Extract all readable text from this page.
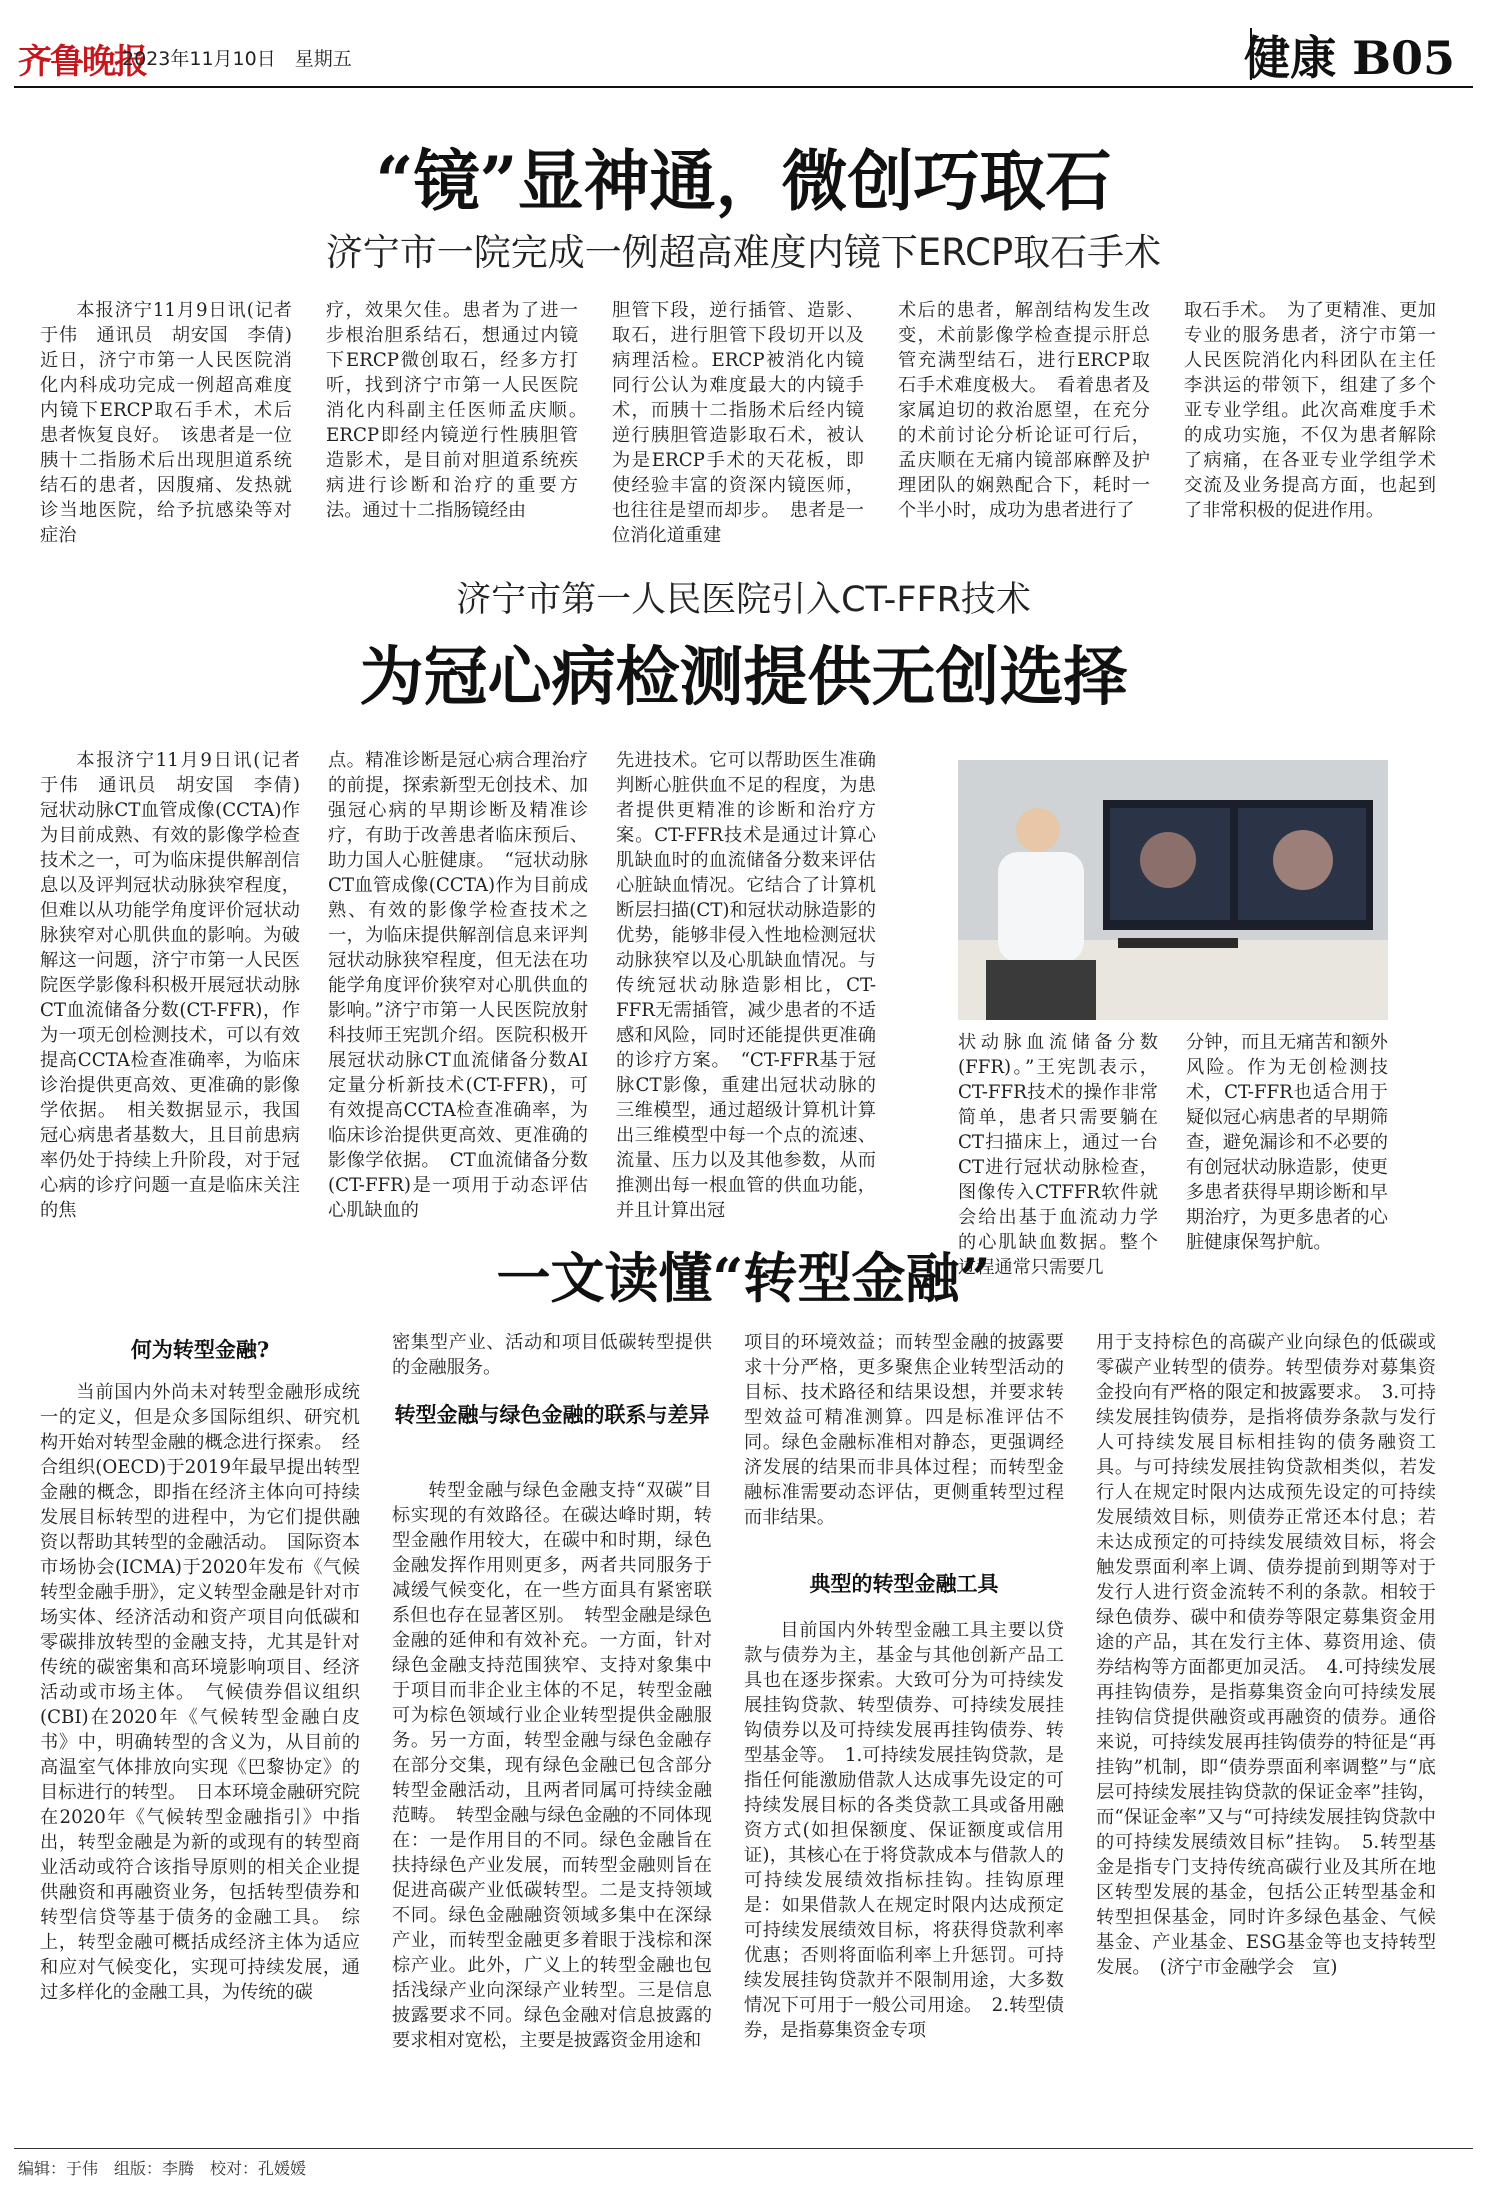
齐鲁晚报
2023年11月10日　星期五	健康 B05
“镜”显神通，微创巧取石
济宁市一院完成一例超高难度内镜下ERCP取石手术
本报济宁11月9日讯(记者　于伟　通讯员　胡安国　李倩)　近日，济宁市第一人民医院消化内科成功完成一例超高难度内镜下ERCP取石手术，术后患者恢复良好。　该患者是一位胰十二指肠术后出现胆道系统结石的患者，因腹痛、发热就诊当地医院，给予抗感染等对症治
疗，效果欠佳。患者为了进一步根治胆系结石，想通过内镜下ERCP微创取石，经多方打听，找到济宁市第一人民医院消化内科副主任医师孟庆顺。　ERCP即经内镜逆行性胰胆管造影术，是目前对胆道系统疾病进行诊断和治疗的重要方法。通过十二指肠镜经由
胆管下段，逆行插管、造影、取石，进行胆管下段切开以及病理活检。ERCP被消化内镜同行公认为难度最大的内镜手术，而胰十二指肠术后经内镜逆行胰胆管造影取石术，被认为是ERCP手术的天花板，即使经验丰富的资深内镜医师，也往往是望而却步。　患者是一位消化道重建
术后的患者，解剖结构发生改变，术前影像学检查提示肝总管充满型结石，进行ERCP取石手术难度极大。　看着患者及家属迫切的救治愿望，在充分的术前讨论分析论证可行后，孟庆顺在无痛内镜部麻醉及护理团队的娴熟配合下，耗时一个半小时，成功为患者进行了
取石手术。　为了更精准、更加专业的服务患者，济宁市第一人民医院消化内科团队在主任李洪运的带领下，组建了多个亚专业学组。此次高难度手术的成功实施，不仅为患者解除了病痛，在各亚专业学组学术交流及业务提高方面，也起到了非常积极的促进作用。
济宁市第一人民医院引入CT-FFR技术
为冠心病检测提供无创选择
本报济宁11月9日讯(记者　于伟　通讯员　胡安国　李倩)　冠状动脉CT血管成像(CCTA)作为目前成熟、有效的影像学检查技术之一，可为临床提供解剖信息以及评判冠状动脉狭窄程度，但难以从功能学角度评价冠状动脉狭窄对心肌供血的影响。为破解这一问题，济宁市第一人民医院医学影像科积极开展冠状动脉CT血流储备分数(CT-FFR)，作为一项无创检测技术，可以有效提高CCTA检查准确率，为临床诊治提供更高效、更准确的影像学依据。　相关数据显示，我国冠心病患者基数大，且目前患病率仍处于持续上升阶段，对于冠心病的诊疗问题一直是临床关注的焦
点。精准诊断是冠心病合理治疗的前提，探索新型无创技术、加强冠心病的早期诊断及精准诊疗，有助于改善患者临床预后、助力国人心脏健康。　“冠状动脉CT血管成像(CCTA)作为目前成熟、有效的影像学检查技术之一，为临床提供解剖信息来评判冠状动脉狭窄程度，但无法在功能学角度评价狭窄对心肌供血的影响。”济宁市第一人民医院放射科技师王宪凯介绍。医院积极开展冠状动脉CT血流储备分数AI定量分析新技术(CT-FFR)，可有效提高CCTA检查准确率，为临床诊治提供更高效、更准确的影像学依据。　CT血流储备分数(CT-FFR)是一项用于动态评估心肌缺血的
先进技术。它可以帮助医生准确判断心脏供血不足的程度，为患者提供更精准的诊断和治疗方案。CT-FFR技术是通过计算心肌缺血时的血流储备分数来评估心脏缺血情况。它结合了计算机断层扫描(CT)和冠状动脉造影的优势，能够非侵入性地检测冠状动脉狭窄以及心肌缺血情况。与传统冠状动脉造影相比，CT-FFR无需插管，减少患者的不适感和风险，同时还能提供更准确的诊疗方案。　“CT-FFR基于冠脉CT影像，重建出冠状动脉的三维模型，通过超级计算机计算出三维模型中每一个点的流速、流量、压力以及其他参数，从而推测出每一根血管的供血功能，并且计算出冠
状动脉血流储备分数(FFR)。”王宪凯表示，CT-FFR技术的操作非常简单，患者只需要躺在CT扫描床上，通过一台CT进行冠状动脉检查，图像传入CTFFR软件就会给出基于血流动力学的心肌缺血数据。整个过程通常只需要几
分钟，而且无痛苦和额外风险。作为无创检测技术，CT-FFR也适合用于疑似冠心病患者的早期筛查，避免漏诊和不必要的有创冠状动脉造影，使更多患者获得早期诊断和早期治疗，为更多患者的心脏健康保驾护航。
一文读懂“转型金融”
何为转型金融?
当前国内外尚未对转型金融形成统一的定义，但是众多国际组织、研究机构开始对转型金融的概念进行探索。　经合组织(OECD)于2019年最早提出转型金融的概念，即指在经济主体向可持续发展目标转型的进程中，为它们提供融资以帮助其转型的金融活动。　国际资本市场协会(ICMA)于2020年发布《气候转型金融手册》，定义转型金融是针对市场实体、经济活动和资产项目向低碳和零碳排放转型的金融支持，尤其是针对传统的碳密集和高环境影响项目、经济活动或市场主体。　气候债券倡议组织(CBI)在2020年《气候转型金融白皮书》中，明确转型的含义为，从目前的高温室气体排放向实现《巴黎协定》的目标进行的转型。　日本环境金融研究院在2020年《气候转型金融指引》中指出，转型金融是为新的或现有的转型商业活动或符合该指导原则的相关企业提供融资和再融资业务，包括转型债券和转型信贷等基于债务的金融工具。　综上，转型金融可概括成经济主体为适应和应对气候变化，实现可持续发展，通过多样化的金融工具，为传统的碳
密集型产业、活动和项目低碳转型提供的金融服务。
转型金融与绿色金融的联系与差异
转型金融与绿色金融支持“双碳”目标实现的有效路径。在碳达峰时期，转型金融作用较大，在碳中和时期，绿色金融发挥作用则更多，两者共同服务于减缓气候变化，在一些方面具有紧密联系但也存在显著区别。　转型金融是绿色金融的延伸和有效补充。一方面，针对绿色金融支持范围狭窄、支持对象集中于项目而非企业主体的不足，转型金融可为棕色领域行业企业转型提供金融服务。另一方面，转型金融与绿色金融存在部分交集，现有绿色金融已包含部分转型金融活动，且两者同属可持续金融范畴。　转型金融与绿色金融的不同体现在：一是作用目的不同。绿色金融旨在扶持绿色产业发展，而转型金融则旨在促进高碳产业低碳转型。二是支持领域不同。绿色金融融资领域多集中在深绿产业，而转型金融更多着眼于浅棕和深棕产业。此外，广义上的转型金融也包括浅绿产业向深绿产业转型。三是信息披露要求不同。绿色金融对信息披露的要求相对宽松，主要是披露资金用途和
项目的环境效益；而转型金融的披露要求十分严格，更多聚焦企业转型活动的目标、技术路径和结果设想，并要求转型效益可精准测算。四是标准评估不同。绿色金融标准相对静态，更强调经济发展的结果而非具体过程；而转型金融标准需要动态评估，更侧重转型过程而非结果。
典型的转型金融工具
目前国内外转型金融工具主要以贷款与债券为主，基金与其他创新产品工具也在逐步探索。大致可分为可持续发展挂钩贷款、转型债券、可持续发展挂钩债券以及可持续发展再挂钩债券、转型基金等。　1.可持续发展挂钩贷款，是指任何能激励借款人达成事先设定的可持续发展目标的各类贷款工具或备用融资方式(如担保额度、保证额度或信用证)，其核心在于将贷款成本与借款人的可持续发展绩效指标挂钩。挂钩原理是：如果借款人在规定时限内达成预定可持续发展绩效目标，将获得贷款利率优惠；否则将面临利率上升惩罚。可持续发展挂钩贷款并不限制用途，大多数情况下可用于一般公司用途。　2.转型债券，是指募集资金专项
用于支持棕色的高碳产业向绿色的低碳或零碳产业转型的债券。转型债券对募集资金投向有严格的限定和披露要求。　3.可持续发展挂钩债券，是指将债券条款与发行人可持续发展目标相挂钩的债务融资工具。与可持续发展挂钩贷款相类似，若发行人在规定时限内达成预先设定的可持续发展绩效目标，则债券正常还本付息；若未达成预定的可持续发展绩效目标，将会触发票面利率上调、债券提前到期等对于发行人进行资金流转不利的条款。相较于绿色债券、碳中和债券等限定募集资金用途的产品，其在发行主体、募资用途、债券结构等方面都更加灵活。　4.可持续发展再挂钩债券，是指募集资金向可持续发展挂钩信贷提供融资或再融资的债券。通俗来说，可持续发展再挂钩债券的特征是“再挂钩”机制，即“债券票面利率调整”与“底层可持续发展挂钩贷款的保证金率”挂钩，而“保证金率”又与“可持续发展挂钩贷款中的可持续发展绩效目标”挂钩。　5.转型基金是指专门支持传统高碳行业及其所在地区转型发展的基金，包括公正转型基金和转型担保基金，同时许多绿色基金、气候基金、产业基金、ESG基金等也支持转型发展。　(济宁市金融学会　宣)
编辑：于伟　组版：李腾　校对：孔媛媛
